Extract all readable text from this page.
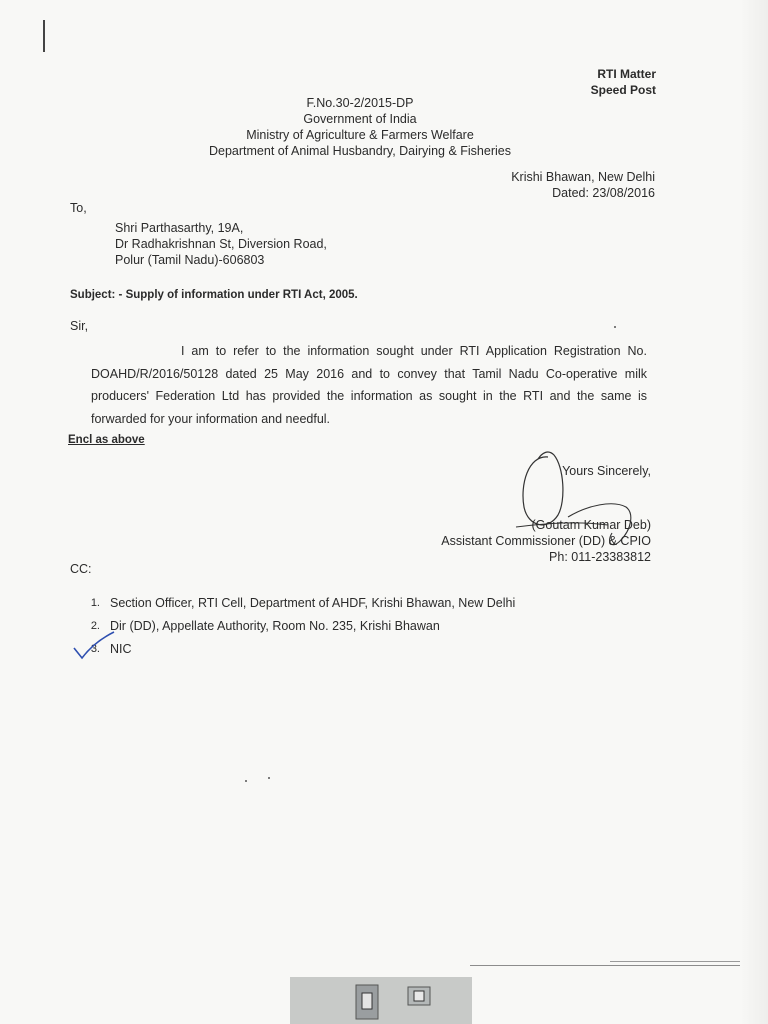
RTI Matter
Speed Post
F.No.30-2/2015-DP
Government of India
Ministry of Agriculture & Farmers Welfare
Department of Animal Husbandry, Dairying & Fisheries
Krishi Bhawan, New Delhi
Dated: 23/08/2016
To,
Shri Parthasarthy, 19A,
Dr Radhakrishnan St, Diversion Road,
Polur (Tamil Nadu)-606803
Subject: - Supply of information under RTI Act, 2005.
Sir,
I am to refer to the information sought under RTI Application Registration No. DOAHD/R/2016/50128 dated 25 May 2016 and to convey that Tamil Nadu Co-operative milk producers' Federation Ltd has provided the information as sought in the RTI and the same is forwarded for your information and needful.
Encl as above
Yours Sincerely,
(Goutam Kumar Deb)
Assistant Commissioner (DD) & CPIO
Ph: 011-23383812
CC:
1. Section Officer, RTI Cell, Department of AHDF, Krishi Bhawan, New Delhi
2. Dir (DD), Appellate Authority, Room No. 235, Krishi Bhawan
3. NIC
